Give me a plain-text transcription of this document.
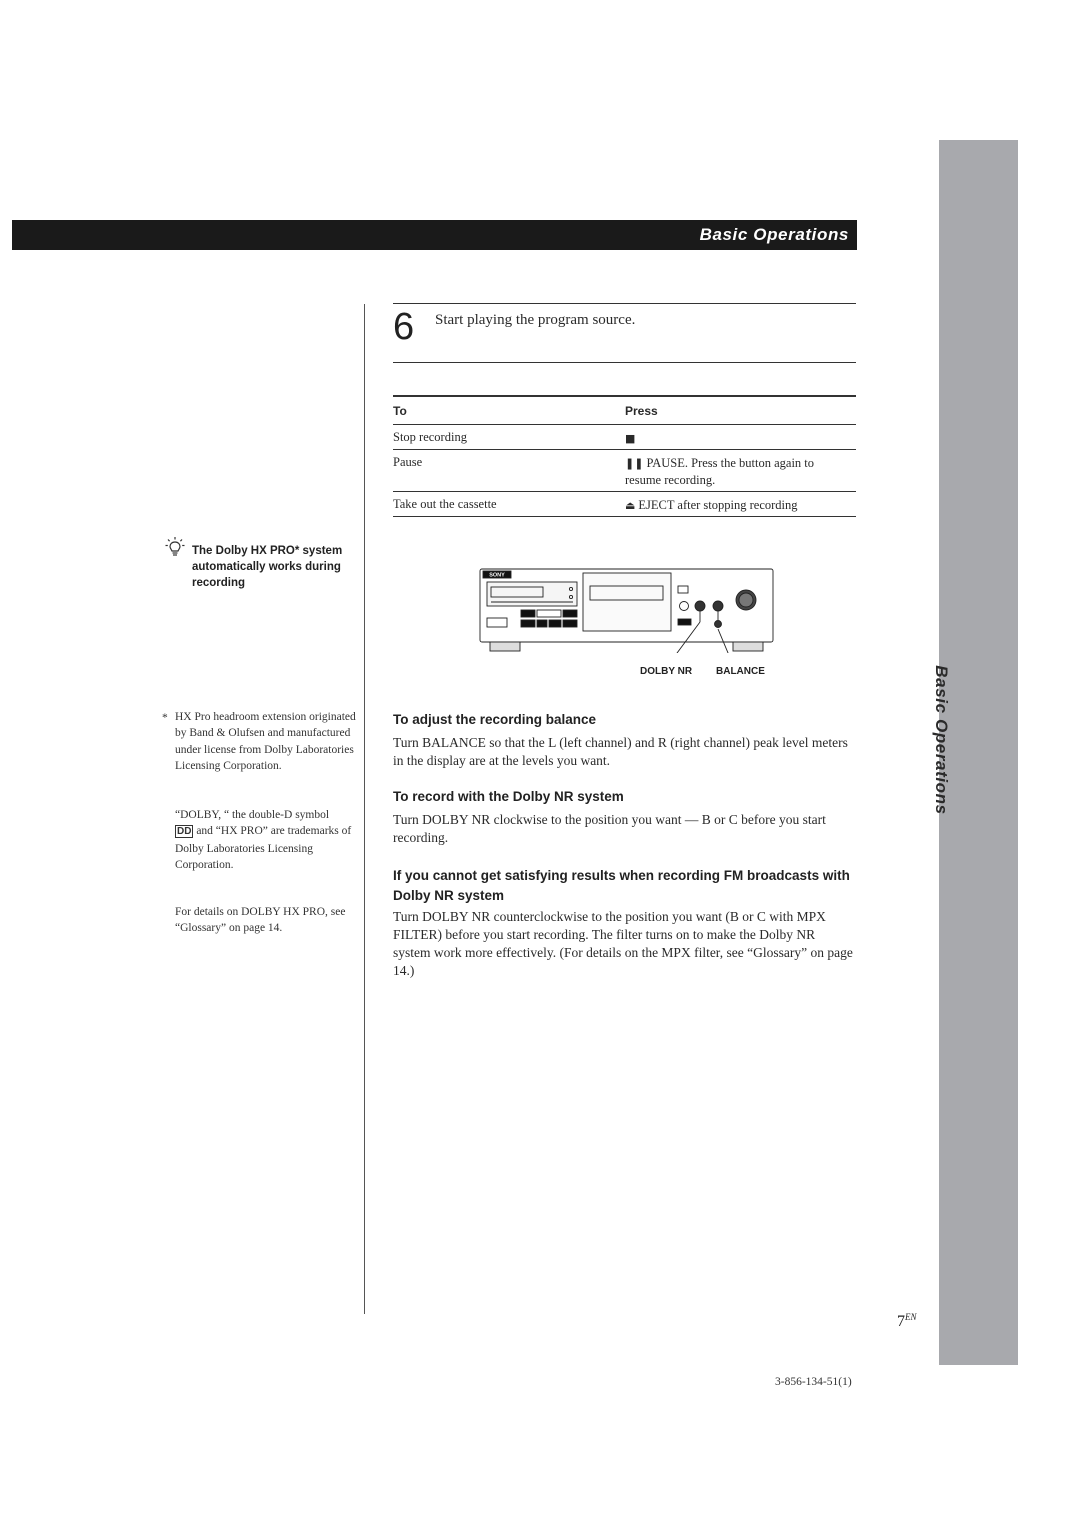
Basic Operations
Basic Operations
6 Start playing the program source.
To	Press
Stop recording	■
Pause	❚❚ PAUSE. Press the button again to resume recording.
Take out the cassette	⏏ EJECT after stopping recording
The Dolby HX PRO* system automatically works during recording
* HX Pro headroom extension originated by Band & Olufsen and manufactured under license from Dolby Laboratories Licensing Corporation.
“DOLBY, “ the double-D symbol
DD and “HX PRO” are trademarks of Dolby Laboratories Licensing Corporation.
For details on DOLBY HX PRO, see “Glossary” on page 14.
SONY
DOLBY NR BALANCE
To adjust the recording balance
Turn BALANCE so that the L (left channel) and R (right channel) peak level meters in the display are at the levels you want.
To record with the Dolby NR system
Turn DOLBY NR clockwise to the position you want — B or C before you start recording.
If you cannot get satisfying results when recording FM broadcasts with Dolby NR system
Turn DOLBY NR counterclockwise to the position you want (B or C with MPX FILTER) before you start recording. The filter turns on to make the Dolby NR system work more effectively. (For details on the MPX filter, see “Glossary” on page 14.)
$7^{EN}$
3-856-134-51(1)
